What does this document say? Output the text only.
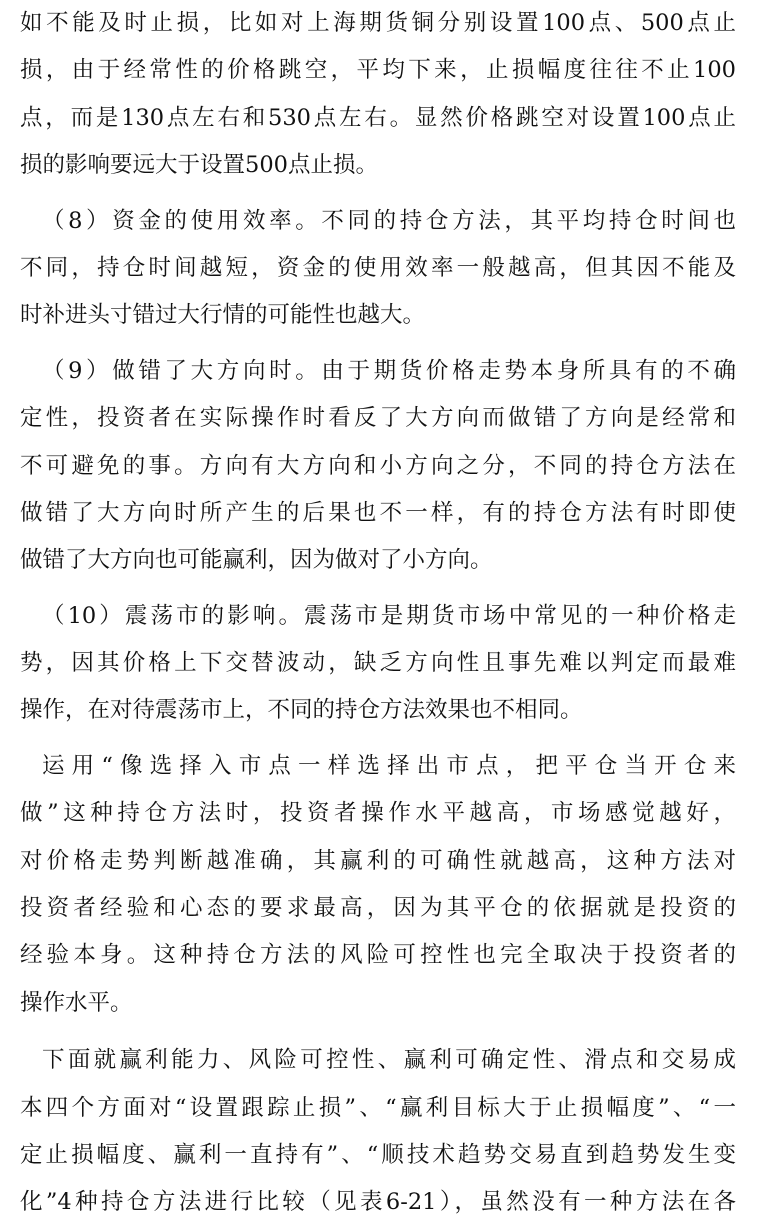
如不能及时止损，比如对上海期货铜分别设置100点、500点止
损，由于经常性的价格跳空，平均下来，止损幅度往往不止100
点，而是130点左右和530点左右。显然价格跳空对设置100点止
损的影响要远大于设置500点止损。
（8）资金的使用效率。不同的持仓方法，其平均持仓时间也
不同，持仓时间越短，资金的使用效率一般越高，但其因不能及
时补进头寸错过大行情的可能性也越大。
（9）做错了大方向时。由于期货价格走势本身所具有的不确
定性，投资者在实际操作时看反了大方向而做错了方向是经常和
不可避免的事。方向有大方向和小方向之分，不同的持仓方法在
做错了大方向时所产生的后果也不一样，有的持仓方法有时即使
做错了大方向也可能赢利，因为做对了小方向。
（10）震荡市的影响。震荡市是期货市场中常见的一种价格走
势，因其价格上下交替波动，缺乏方向性且事先难以判定而最难
操作，在对待震荡市上，不同的持仓方法效果也不相同。
运用“像选择入市点一样选择出市点，把平仓当开仓来
做”这种持仓方法时，投资者操作水平越高，市场感觉越好，
对价格走势判断越准确，其赢利的可确性就越高，这种方法对
投资者经验和心态的要求最高，因为其平仓的依据就是投资的
经验本身。这种持仓方法的风险可控性也完全取决于投资者的
操作水平。
下面就赢利能力、风险可控性、赢利可确定性、滑点和交易成
本四个方面对“设置跟踪止损”、“赢利目标大于止损幅度”、“一
定止损幅度、赢利一直持有”、“顺技术趋势交易直到趋势发生变
化”4种持仓方法进行比较（见表6-21），虽然没有一种方法在各
